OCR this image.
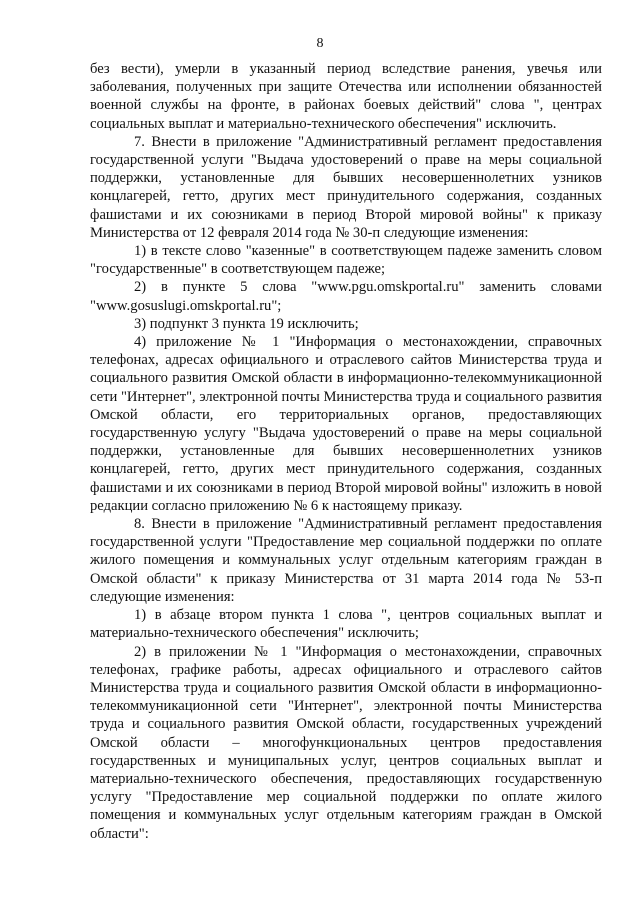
8

без вести), умерли в указанный период вследствие ранения, увечья или заболевания, полученных при защите Отечества или исполнении обязанностей военной службы на фронте, в районах боевых действий" слова ", центрах социальных выплат и материально-технического обеспечения" исключить.

7. Внести в приложение "Административный регламент предоставления государственной услуги "Выдача удостоверений о праве на меры социальной поддержки, установленные для бывших несовершеннолетних узников концлагерей, гетто, других мест принудительного содержания, созданных фашистами и их союзниками в период Второй мировой войны" к приказу Министерства от 12 февраля 2014 года № 30-п следующие изменения:

1) в тексте слово "казенные" в соответствующем падеже заменить словом "государственные" в соответствующем падеже;

2) в пункте 5 слова "www.pgu.omskportal.ru" заменить словами "www.gosuslugi.omskportal.ru";

3) подпункт 3 пункта 19 исключить;

4) приложение № 1 "Информация о местонахождении, справочных телефонах, адресах официального и отраслевого сайтов Министерства труда и социального развития Омской области в информационно-телекоммуникационной сети "Интернет", электронной почты Министерства труда и социального развития Омской области, его территориальных органов, предоставляющих государственную услугу "Выдача удостоверений о праве на меры социальной поддержки, установленные для бывших несовершеннолетних узников концлагерей, гетто, других мест принудительного содержания, созданных фашистами и их союзниками в период Второй мировой войны" изложить в новой редакции согласно приложению № 6 к настоящему приказу.

8. Внести в приложение "Административный регламент предоставления государственной услуги "Предоставление мер социальной поддержки по оплате жилого помещения и коммунальных услуг отдельным категориям граждан в Омской области" к приказу Министерства от 31 марта 2014 года № 53-п следующие изменения:

1) в абзаце втором пункта 1 слова ", центров социальных выплат и материально-технического обеспечения" исключить;

2) в приложении № 1 "Информация о местонахождении, справочных телефонах, графике работы, адресах официального и отраслевого сайтов Министерства труда и социального развития Омской области в информационно-телекоммуникационной сети "Интернет", электронной почты Министерства труда и социального развития Омской области, государственных учреждений Омской области – многофункциональных центров предоставления государственных и муниципальных услуг, центров социальных выплат и материально-технического обеспечения, предоставляющих государственную услугу "Предоставление мер социальной поддержки по оплате жилого помещения и коммунальных услуг отдельным категориям граждан в Омской области":
